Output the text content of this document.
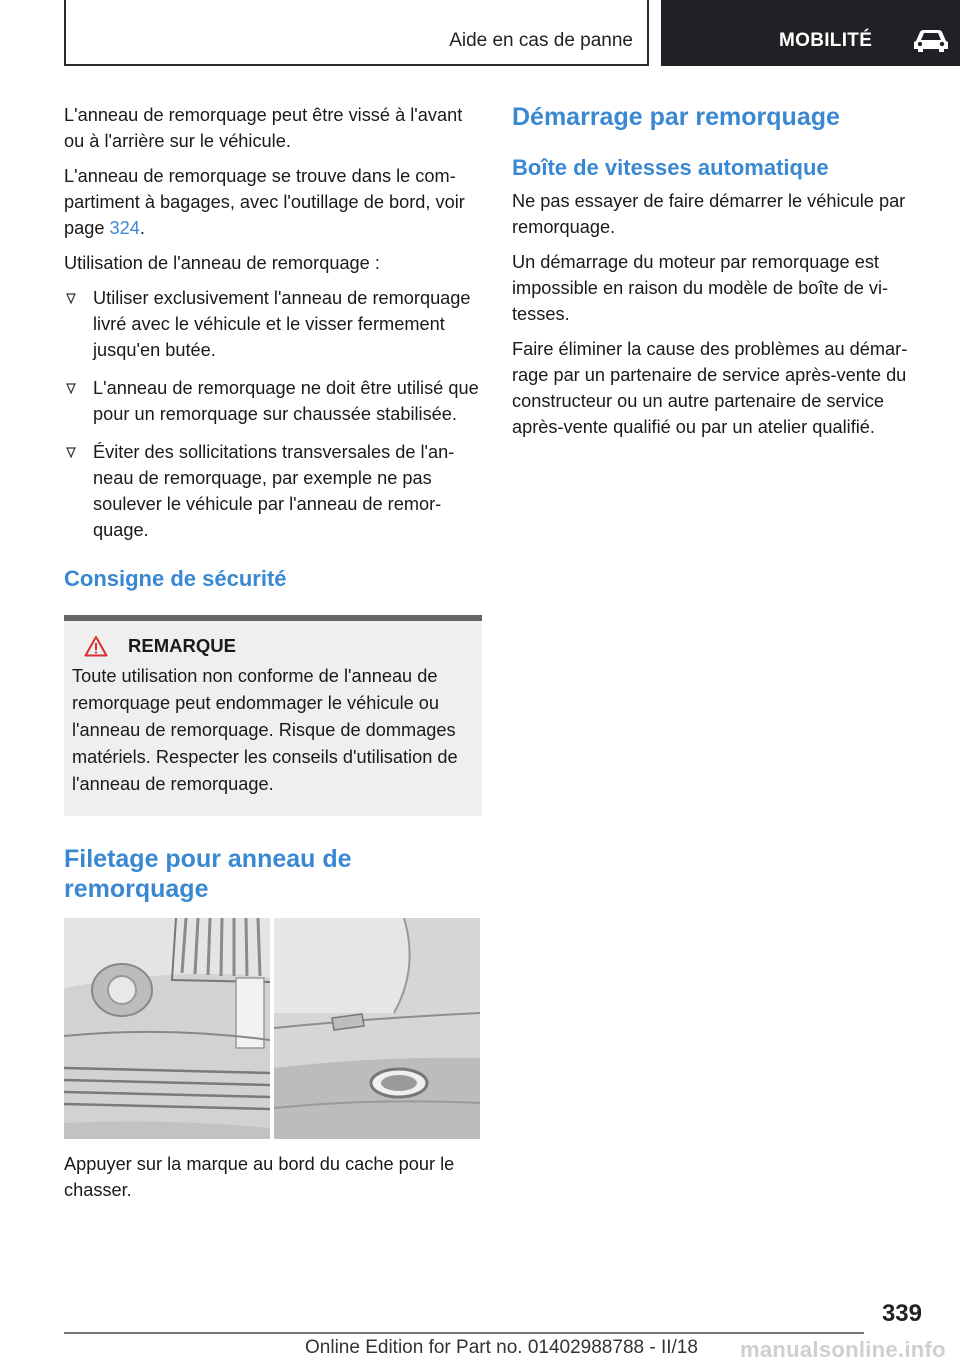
Aide en cas de panne	MOBILITÉ

L'anneau de remorquage peut être vissé à l'avant ou à l'arrière sur le véhicule.

L'anneau de remorquage se trouve dans le compartiment à bagages, avec l'outillage de bord, voir page 324.

Utilisation de l'anneau de remorquage :

Utiliser exclusivement l'anneau de remorquage livré avec le véhicule et le visser fermement jusqu'en butée.
L'anneau de remorquage ne doit être utilisé que pour un remorquage sur chaussée stabilisée.
Éviter des sollicitations transversales de l'anneau de remorquage, par exemple ne pas soulever le véhicule par l'anneau de remorquage.
Consigne de sécurité
REMARQUE

Toute utilisation non conforme de l'anneau de remorquage peut endommager le véhicule ou l'anneau de remorquage. Risque de dommages matériels. Respecter les conseils d'utilisation de l'anneau de remorquage.

Filetage pour anneau de remorquage

Appuyer sur la marque au bord du cache pour le chasser.

Démarrage par remorquage
Boîte de vitesses automatique

Ne pas essayer de faire démarrer le véhicule par remorquage.

Un démarrage du moteur par remorquage est impossible en raison du modèle de boîte de vitesses.

Faire éliminer la cause des problèmes au démarrage par un partenaire de service après-vente du constructeur ou un autre partenaire de service après-vente qualifié ou par un atelier qualifié.

339
Online Edition for Part no. 01402988788 - II/18 manualsonline.info
